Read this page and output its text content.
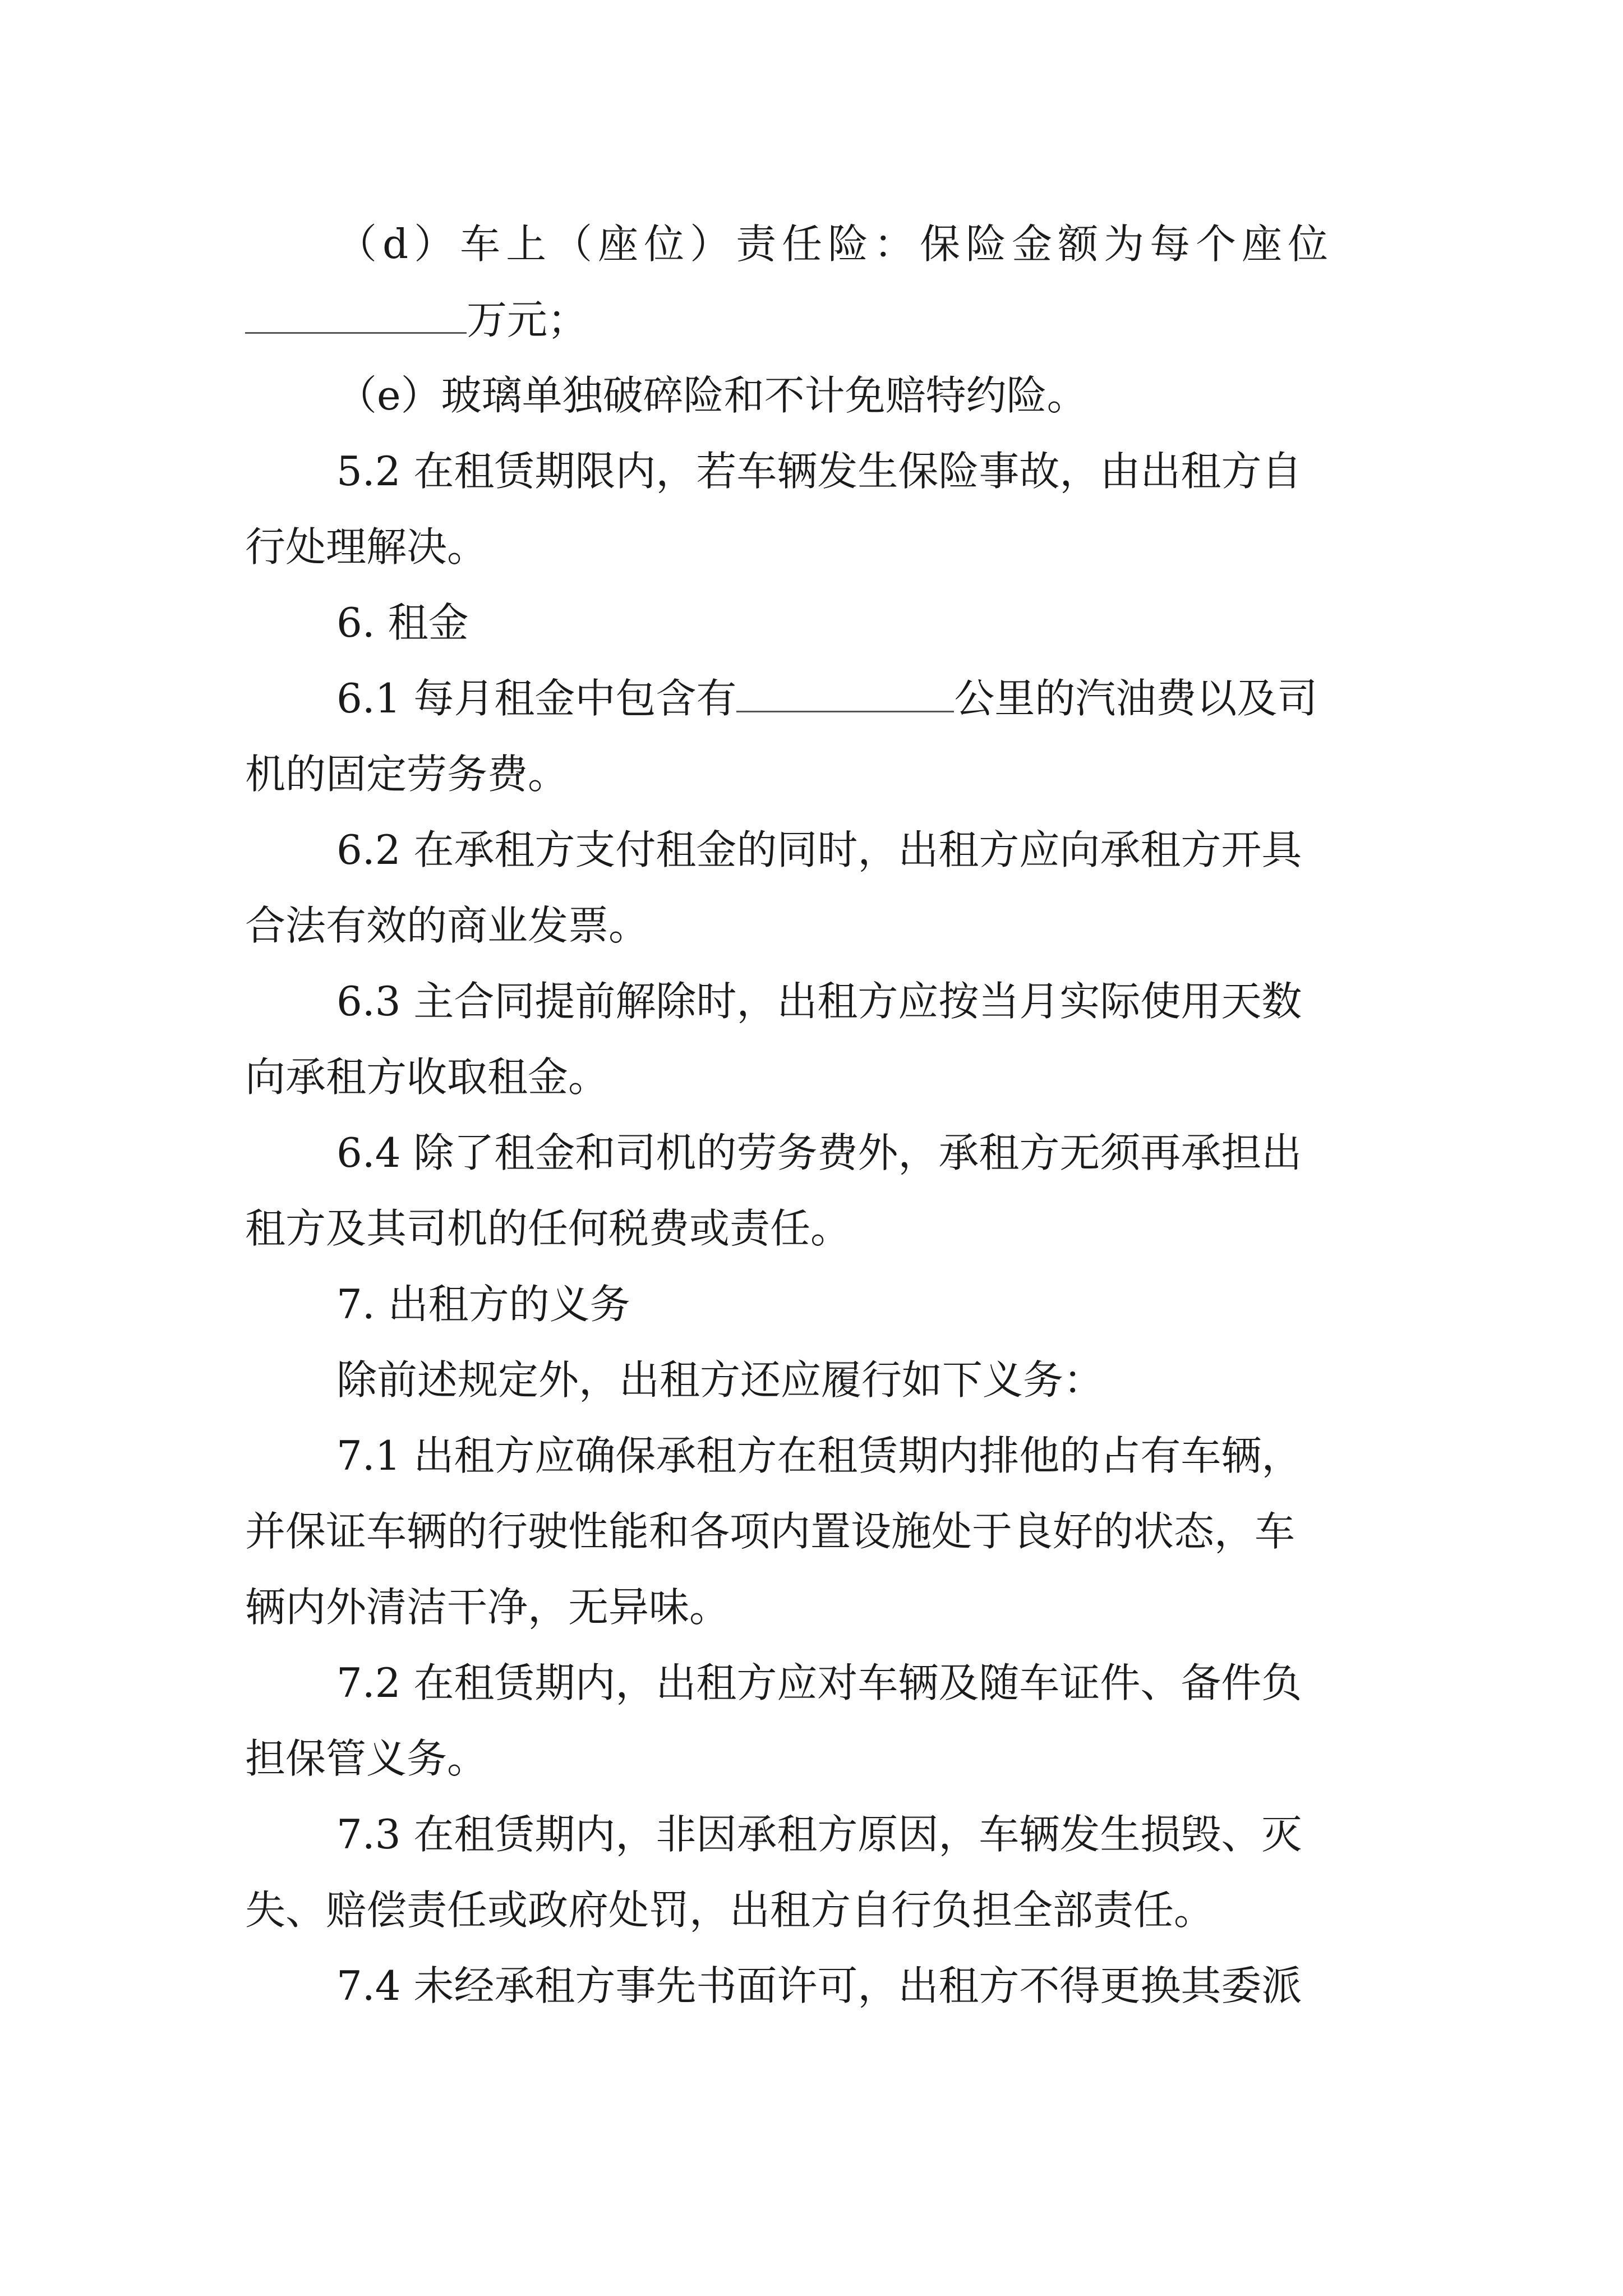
（d）车上（座位）责任险：保险金额为每个座位
万元；
（e）玻璃单独破碎险和不计免赔特约险。
5.2 在租赁期限内，若车辆发生保险事故，由出租方自
行处理解决。
6. 租金
6.1 每月租金中包含有	公里的汽油费以及司
机的固定劳务费。
6.2 在承租方支付租金的同时，出租方应向承租方开具
合法有效的商业发票。
6.3 主合同提前解除时，出租方应按当月实际使用天数
向承租方收取租金。
6.4 除了租金和司机的劳务费外，承租方无须再承担出
租方及其司机的任何税费或责任。
7. 出租方的义务
除前述规定外，出租方还应履行如下义务：
7.1 出租方应确保承租方在租赁期内排他的占有车辆，
并保证车辆的行驶性能和各项内置设施处于良好的状态，车
辆内外清洁干净，无异味。
7.2 在租赁期内，出租方应对车辆及随车证件、备件负
担保管义务。
7.3 在租赁期内，非因承租方原因，车辆发生损毁、灭
失、赔偿责任或政府处罚，出租方自行负担全部责任。
7.4 未经承租方事先书面许可，出租方不得更换其委派
